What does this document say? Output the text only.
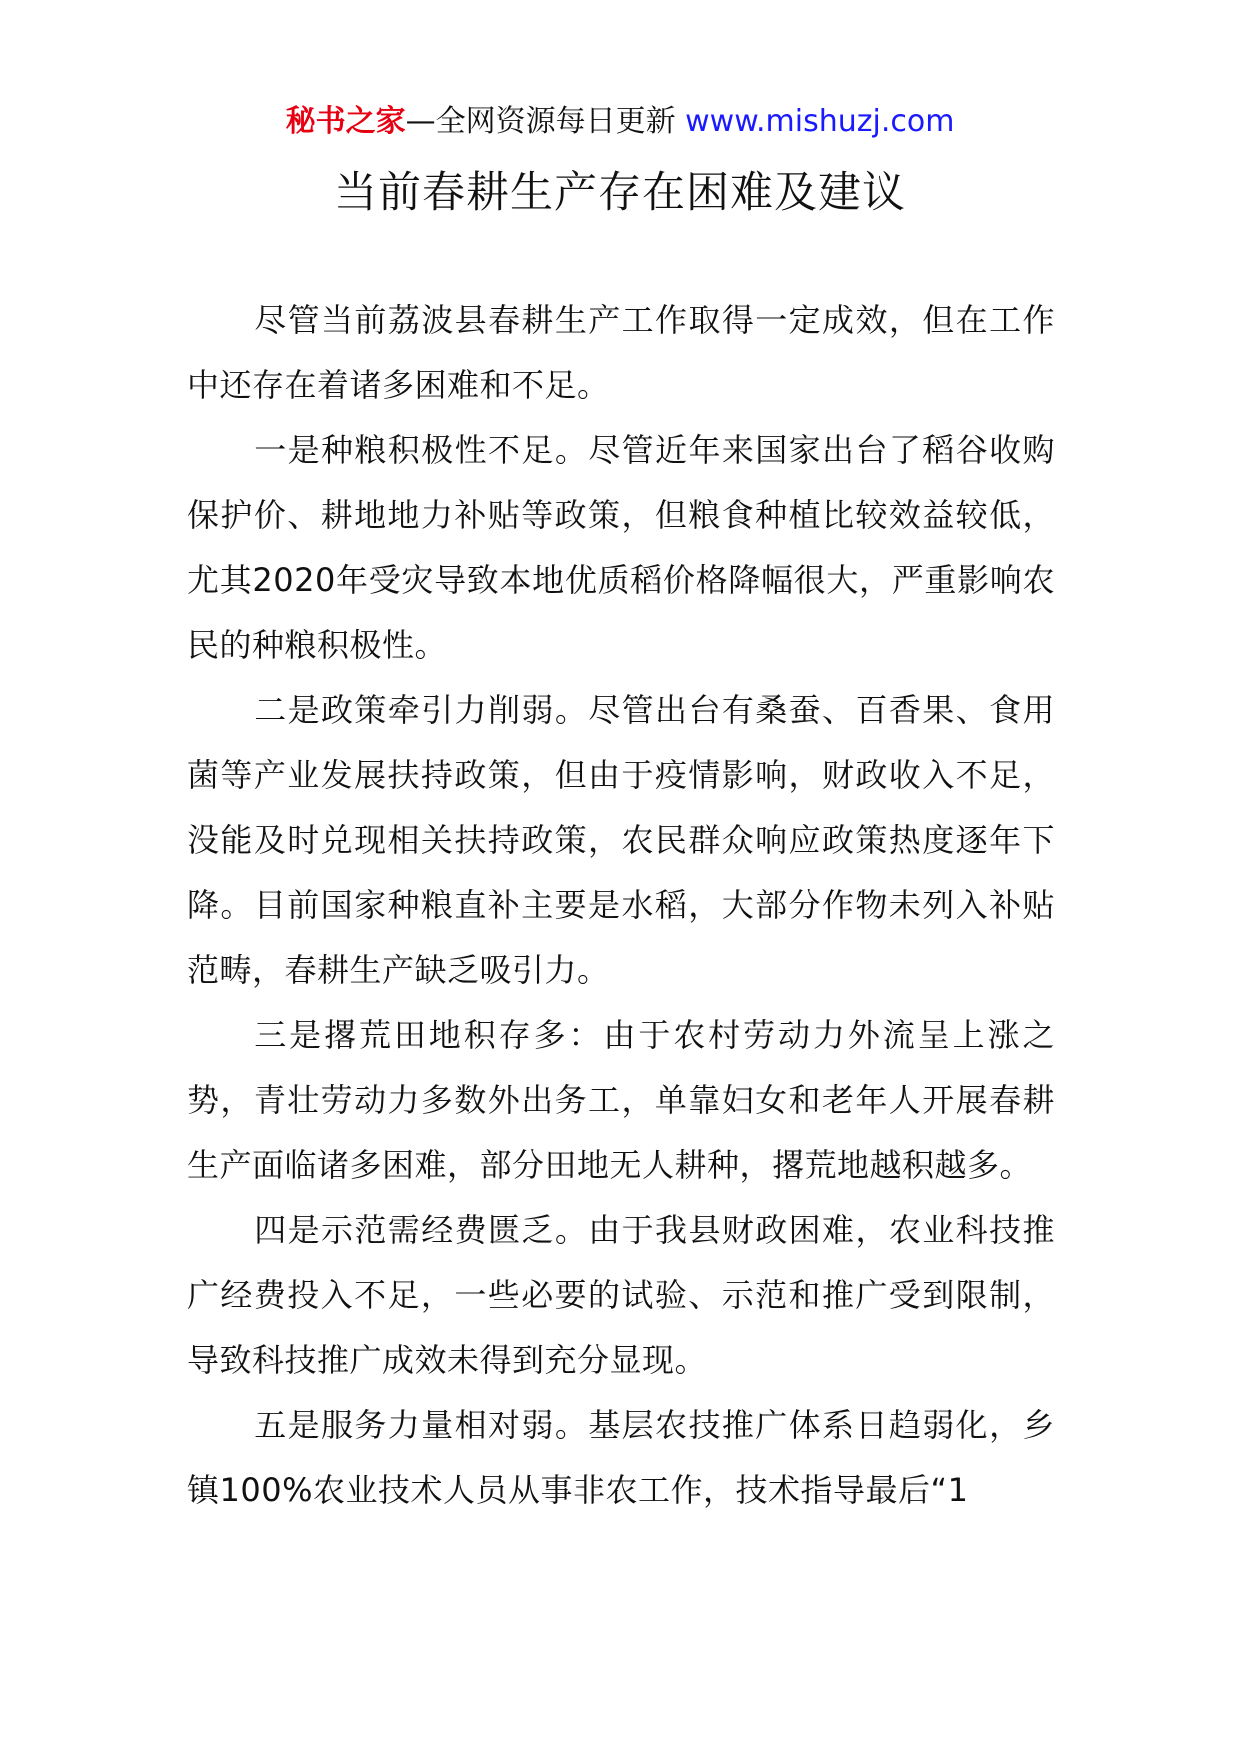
秘书之家—全网资源每日更新 www.mishuzj.com
当前春耕生产存在困难及建议

尽管当前荔波县春耕生产工作取得一定成效，但在工作中还存在着诸多困难和不足。

一是种粮积极性不足。尽管近年来国家出台了稻谷收购保护价、耕地地力补贴等政策，但粮食种植比较效益较低，尤其2020年受灾导致本地优质稻价格降幅很大，严重影响农民的种粮积极性。

二是政策牵引力削弱。尽管出台有桑蚕、百香果、食用菌等产业发展扶持政策，但由于疫情影响，财政收入不足，没能及时兑现相关扶持政策，农民群众响应政策热度逐年下降。目前国家种粮直补主要是水稻，大部分作物未列入补贴范畴，春耕生产缺乏吸引力。

三是撂荒田地积存多：由于农村劳动力外流呈上涨之势，青壮劳动力多数外出务工，单靠妇女和老年人开展春耕生产面临诸多困难，部分田地无人耕种，撂荒地越积越多。

四是示范需经费匮乏。由于我县财政困难，农业科技推广经费投入不足，一些必要的试验、示范和推广受到限制，导致科技推广成效未得到充分显现。

五是服务力量相对弱。基层农技推广体系日趋弱化，乡镇100%农业技术人员从事非农工作，技术指导最后“1
